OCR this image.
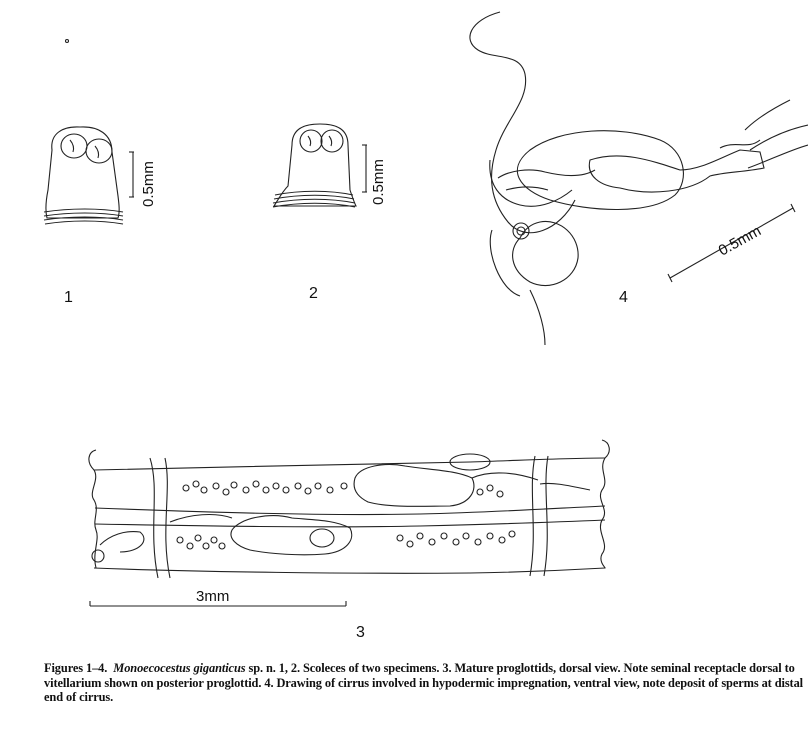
0.5mm
1
0.5mm
2
0.5mm
4
3mm
3
Figures 1–4. Monoecocestus giganticus sp. n. 1, 2. Scoleces of two specimens. 3. Mature proglottids, dorsal view. Note seminal receptacle dorsal to vitellarium shown on posterior proglottid. 4. Drawing of cirrus involved in hypodermic impregnation, ventral view, note deposit of sperms at distal end of cirrus.
